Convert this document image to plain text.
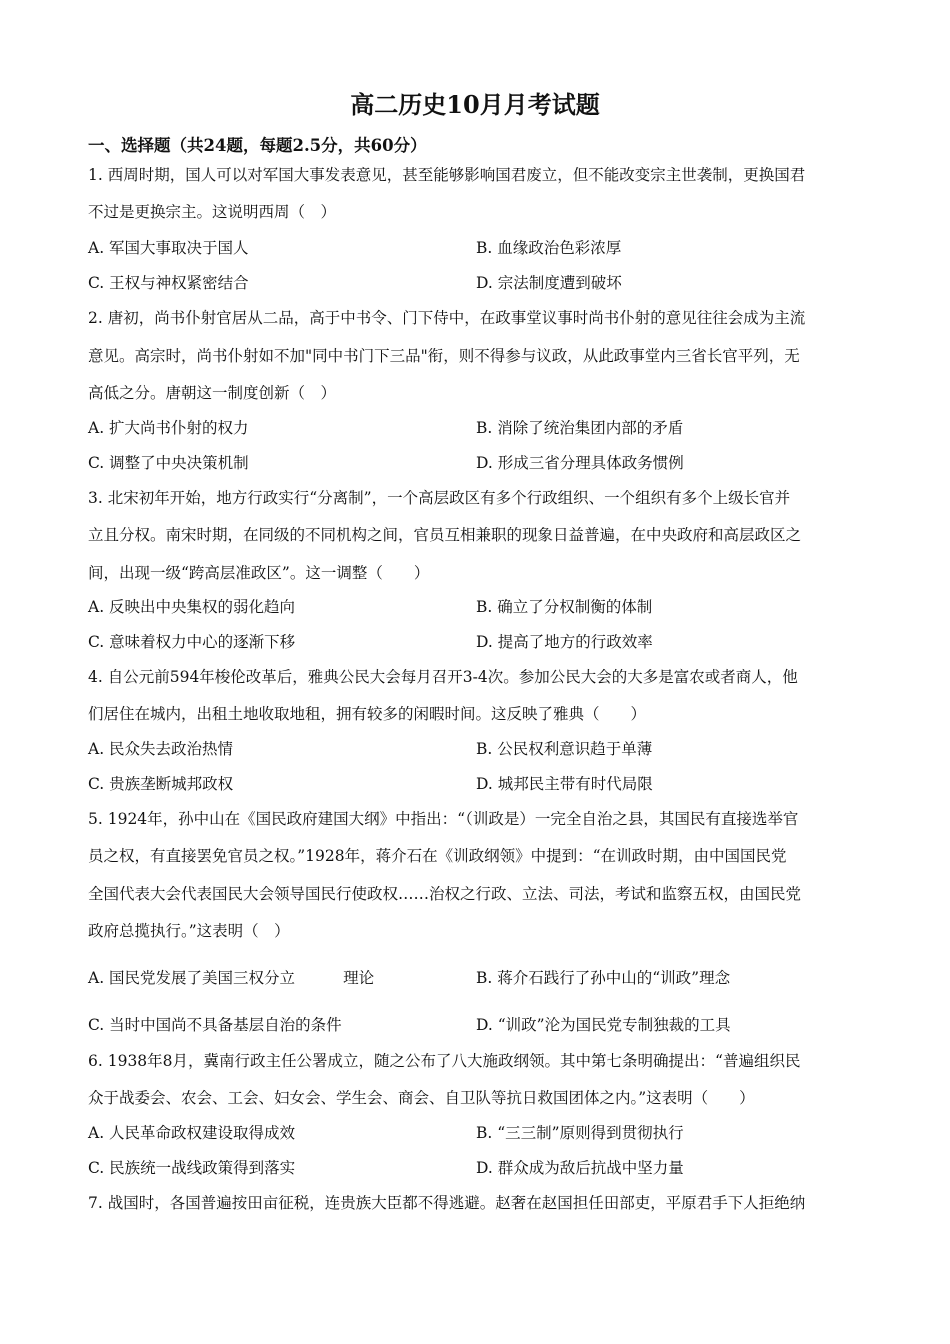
高二历史10月月考试题
一、选择题（共24题，每题2.5分，共60分）
1. 西周时期，国人可以对军国大事发表意见，甚至能够影响国君废立，但不能改变宗主世袭制，更换国君
不过是更换宗主。这说明西周（　）
A. 军国大事取决于国人	B. 血缘政治色彩浓厚
C. 王权与神权紧密结合	D. 宗法制度遭到破坏
2. 唐初，尚书仆射官居从二品，高于中书令、门下侍中，在政事堂议事时尚书仆射的意见往往会成为主流
意见。高宗时，尚书仆射如不加"同中书门下三品"衔，则不得参与议政，从此政事堂内三省长官平列，无
高低之分。唐朝这一制度创新（　）
A. 扩大尚书仆射的权力	B. 消除了统治集团内部的矛盾
C. 调整了中央决策机制	D. 形成三省分理具体政务惯例
3. 北宋初年开始，地方行政实行“分离制”，一个高层政区有多个行政组织、一个组织有多个上级长官并
立且分权。南宋时期，在同级的不同机构之间，官员互相兼职的现象日益普遍，在中央政府和高层政区之
间，出现一级“跨高层准政区”。这一调整（　　）
A. 反映出中央集权的弱化趋向	B. 确立了分权制衡的体制
C. 意味着权力中心的逐渐下移	D. 提高了地方的行政效率
4. 自公元前594年梭伦改革后，雅典公民大会每月召开3-4次。参加公民大会的大多是富农或者商人，他
们居住在城内，出租土地收取地租，拥有较多的闲暇时间。这反映了雅典（　　）
A. 民众失去政治热情	B. 公民权利意识趋于单薄
C. 贵族垄断城邦政权	D. 城邦民主带有时代局限
5. 1924年，孙中山在《国民政府建国大纲》中指出：“（训政是）一完全自治之县，其国民有直接选举官
员之权，有直接罢免官员之权。”1928年，蒋介石在《训政纲领》中提到：“在训政时期，由中国国民党
全国代表大会代表国民大会领导国民行使政权……治权之行政、立法、司法，考试和监察五权，由国民党
政府总揽执行。”这表明（　）
A. 国民党发展了美国三权分立	理论	B. 蒋介石践行了孙中山的“训政”理念
C. 当时中国尚不具备基层自治的条件	D. “训政”沦为国民党专制独裁的工具
6. 1938年8月，冀南行政主任公署成立，随之公布了八大施政纲领。其中第七条明确提出：“普遍组织民
众于战委会、农会、工会、妇女会、学生会、商会、自卫队等抗日救国团体之内。”这表明（　　）
A. 人民革命政权建设取得成效	B. “三三制”原则得到贯彻执行
C. 民族统一战线政策得到落实	D. 群众成为敌后抗战中坚力量
7. 战国时，各国普遍按田亩征税，连贵族大臣都不得逃避。赵奢在赵国担任田部吏，平原君手下人拒绝纳
